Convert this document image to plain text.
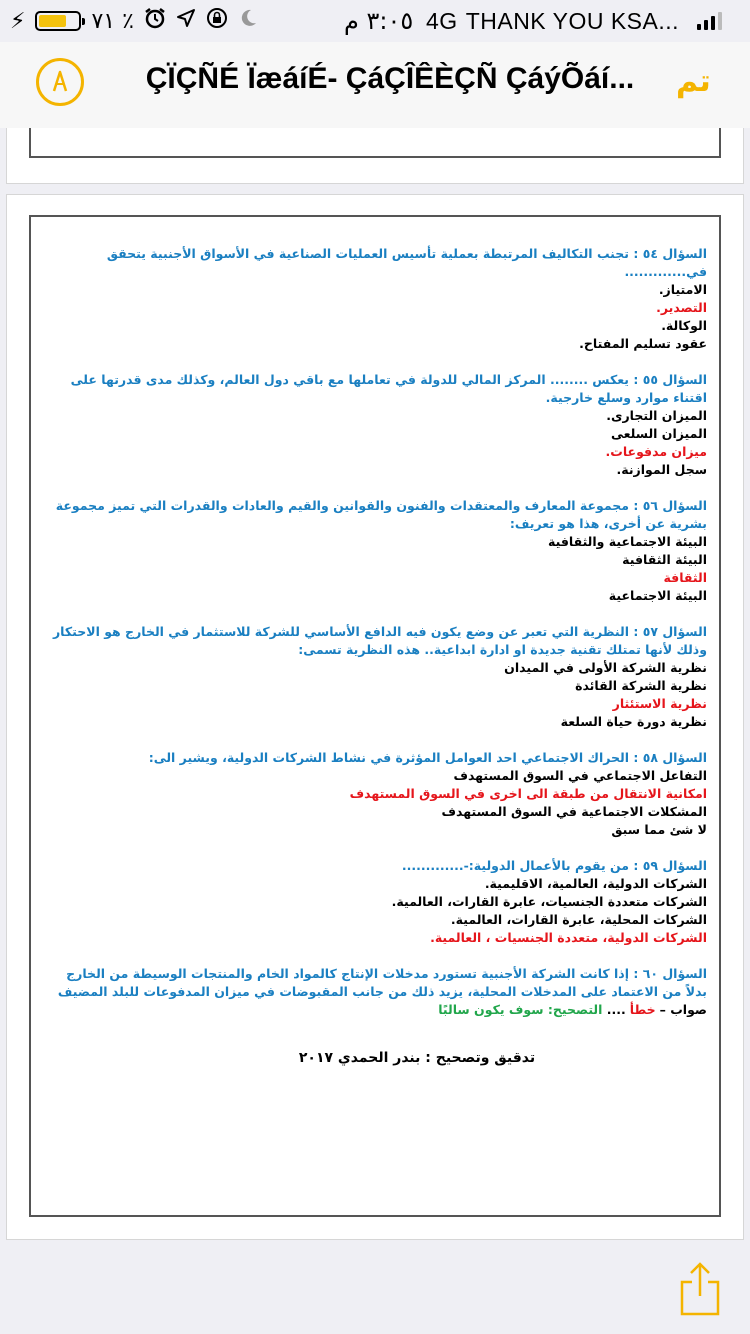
⚡	٪ ٧١	٣:٠٥ م 4G THANK YOU KSA...
ÇÏÇÑÉ ÏæáíÉ- ÇáÇÎÊÈÇÑ ÇáýÕáí...	تم
السؤال ٥٤ : تجنب التكاليف المرتبطة بعملية تأسيس العمليات الصناعية في الأسواق الأجنبية يتحقق في.............
الامتياز.
التصدير.
الوكالة.
عقود تسليم المفتاح.
السؤال ٥٥ : يعكس ........ المركز المالي للدولة في تعاملها مع باقي دول العالم، وكذلك مدى قدرتها على اقتناء موارد وسلع خارجية.
الميزان التجارى.
الميزان السلعى
ميزان مدفوعات.
سجل الموازنة.
السؤال ٥٦ : مجموعة المعارف والمعتقدات والفنون والقوانين والقيم والعادات والقدرات التي تميز مجموعة بشرية عن أخرى، هذا هو تعريف:
البيئة الاجتماعية والثقافية
البيئة الثقافية
الثقافة
البيئة الاجتماعية
السؤال ٥٧ : النظرية التي تعبر عن وضع يكون فيه الدافع الأساسي للشركة للاستثمار في الخارج هو الاحتكار وذلك لأنها تمتلك تقنية جديدة او ادارة ابداعية.. هذه النظرية تسمى:
نظرية الشركة الأولى في الميدان
نظرية الشركة القائدة
نظرية الاستئثار
نظرية دورة حياة السلعة
السؤال ٥٨ : الحراك الاجتماعي احد العوامل المؤثرة في نشاط الشركات الدولية، ويشير الى:
التفاعل الاجتماعي في السوق المستهدف
امكانية الانتقال من طبقة الى اخرى في السوق المستهدف
المشكلات الاجتماعية في السوق المستهدف
لا شئ مما سبق
السؤال ٥٩ : من يقوم بالأعمال الدولية:-.............
الشركات الدولية، العالمية، الاقليمية.
الشركات متعددة الجنسيات، عابرة القارات، العالمية.
الشركات المحلية، عابرة القارات، العالمية.
الشركات الدولية، متعددة الجنسيات ، العالمية.
السؤال ٦٠ : إذا كانت الشركة الأجنبية تستورد مدخلات الإنتاج كالمواد الخام والمنتجات الوسيطة من الخارج بدلاً من الاعتماد على المدخلات المحلية، يزيد ذلك من جانب المقبوضات في ميزان المدفوعات للبلد المضيف
صواب – خطأ .... التصحيح: سوف يكون سالبًا
تدقيق وتصحيح : بندر الحمدي ٢٠١٧
